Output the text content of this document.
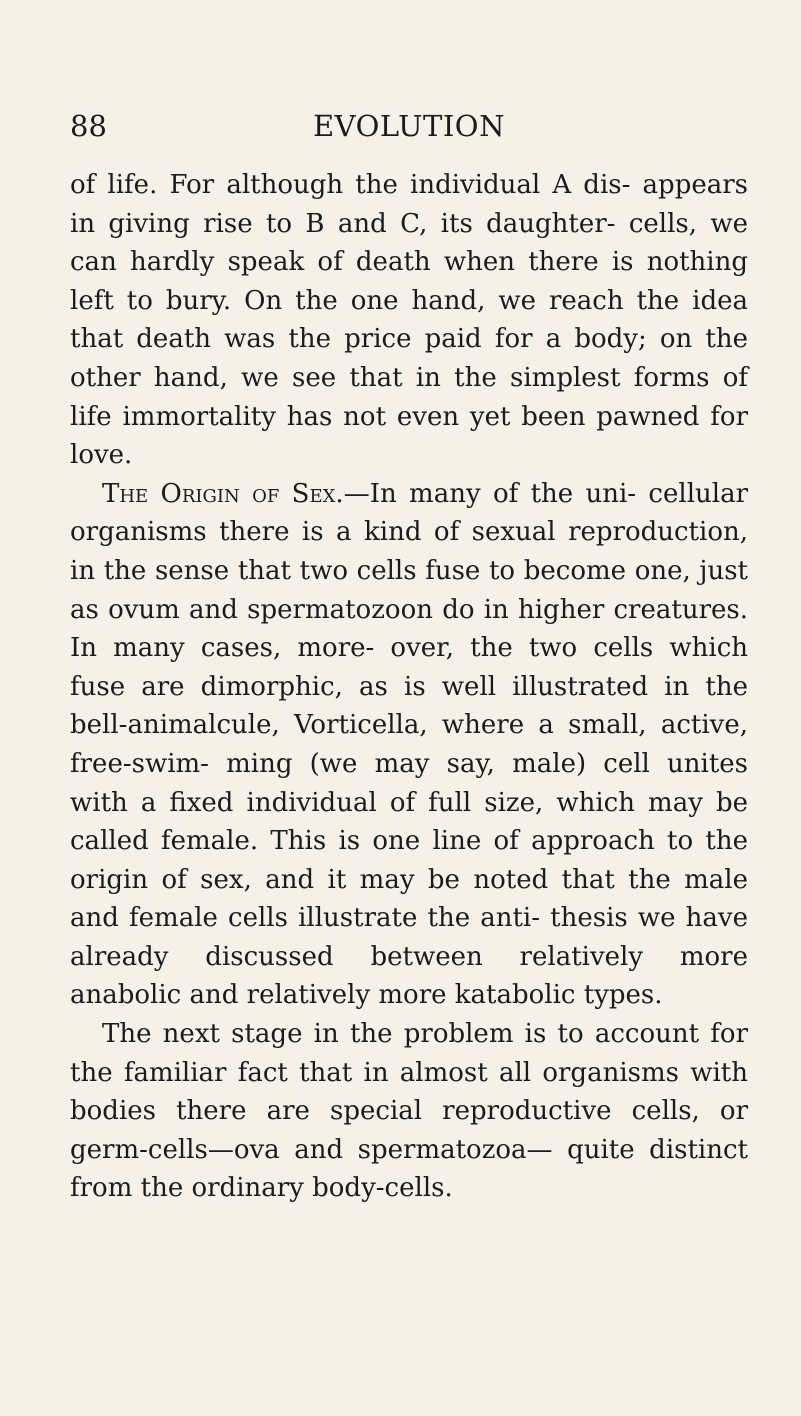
88	EVOLUTION

of life. For although the individual A dis- appears in giving rise to B and C, its daughter- cells, we can hardly speak of death when there is nothing left to bury. On the one hand, we reach the idea that death was the price paid for a body; on the other hand, we see that in the simplest forms of life immortality has not even yet been pawned for love.

The Origin of Sex.—In many of the uni- cellular organisms there is a kind of sexual reproduction, in the sense that two cells fuse to become one, just as ovum and spermatozoon do in higher creatures. In many cases, more- over, the two cells which fuse are dimorphic, as is well illustrated in the bell-animalcule, Vorticella, where a small, active, free-swim- ming (we may say, male) cell unites with a fixed individual of full size, which may be called female. This is one line of approach to the origin of sex, and it may be noted that the male and female cells illustrate the anti- thesis we have already discussed between relatively more anabolic and relatively more katabolic types.

The next stage in the problem is to account for the familiar fact that in almost all organisms with bodies there are special reproductive cells, or germ-cells—ova and spermatozoa— quite distinct from the ordinary body-cells.
